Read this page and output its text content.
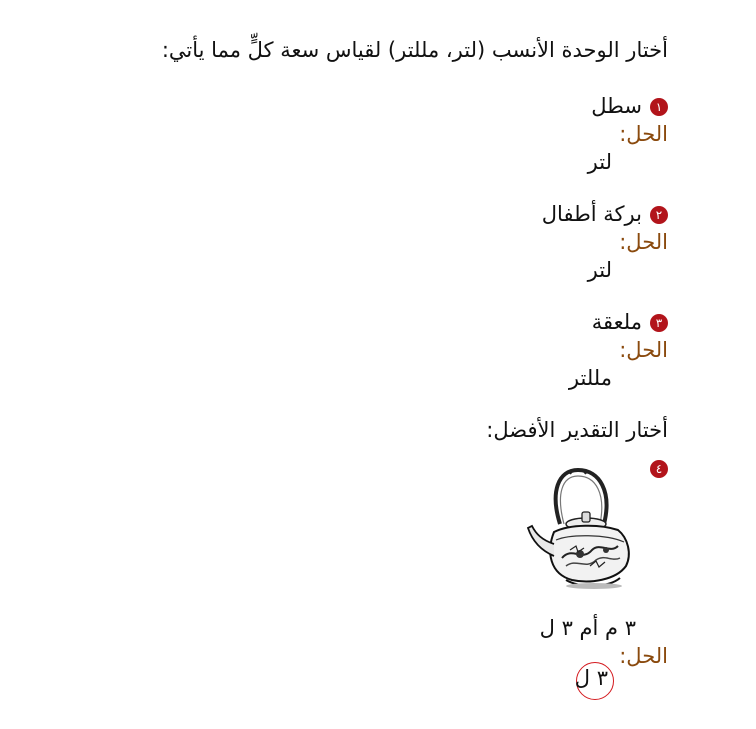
أختار الوحدة الأنسب (لتر، مللتر) لقياس سعة كلٍّ مما يأتي:
١سطل
الحل:
لتر
٢بركة أطفال
الحل:
لتر
٣ملعقة
الحل:
مللتر
أختار التقدير الأفضل:
٤
٣ م أم ٣ ل
الحل:
٣ ل
